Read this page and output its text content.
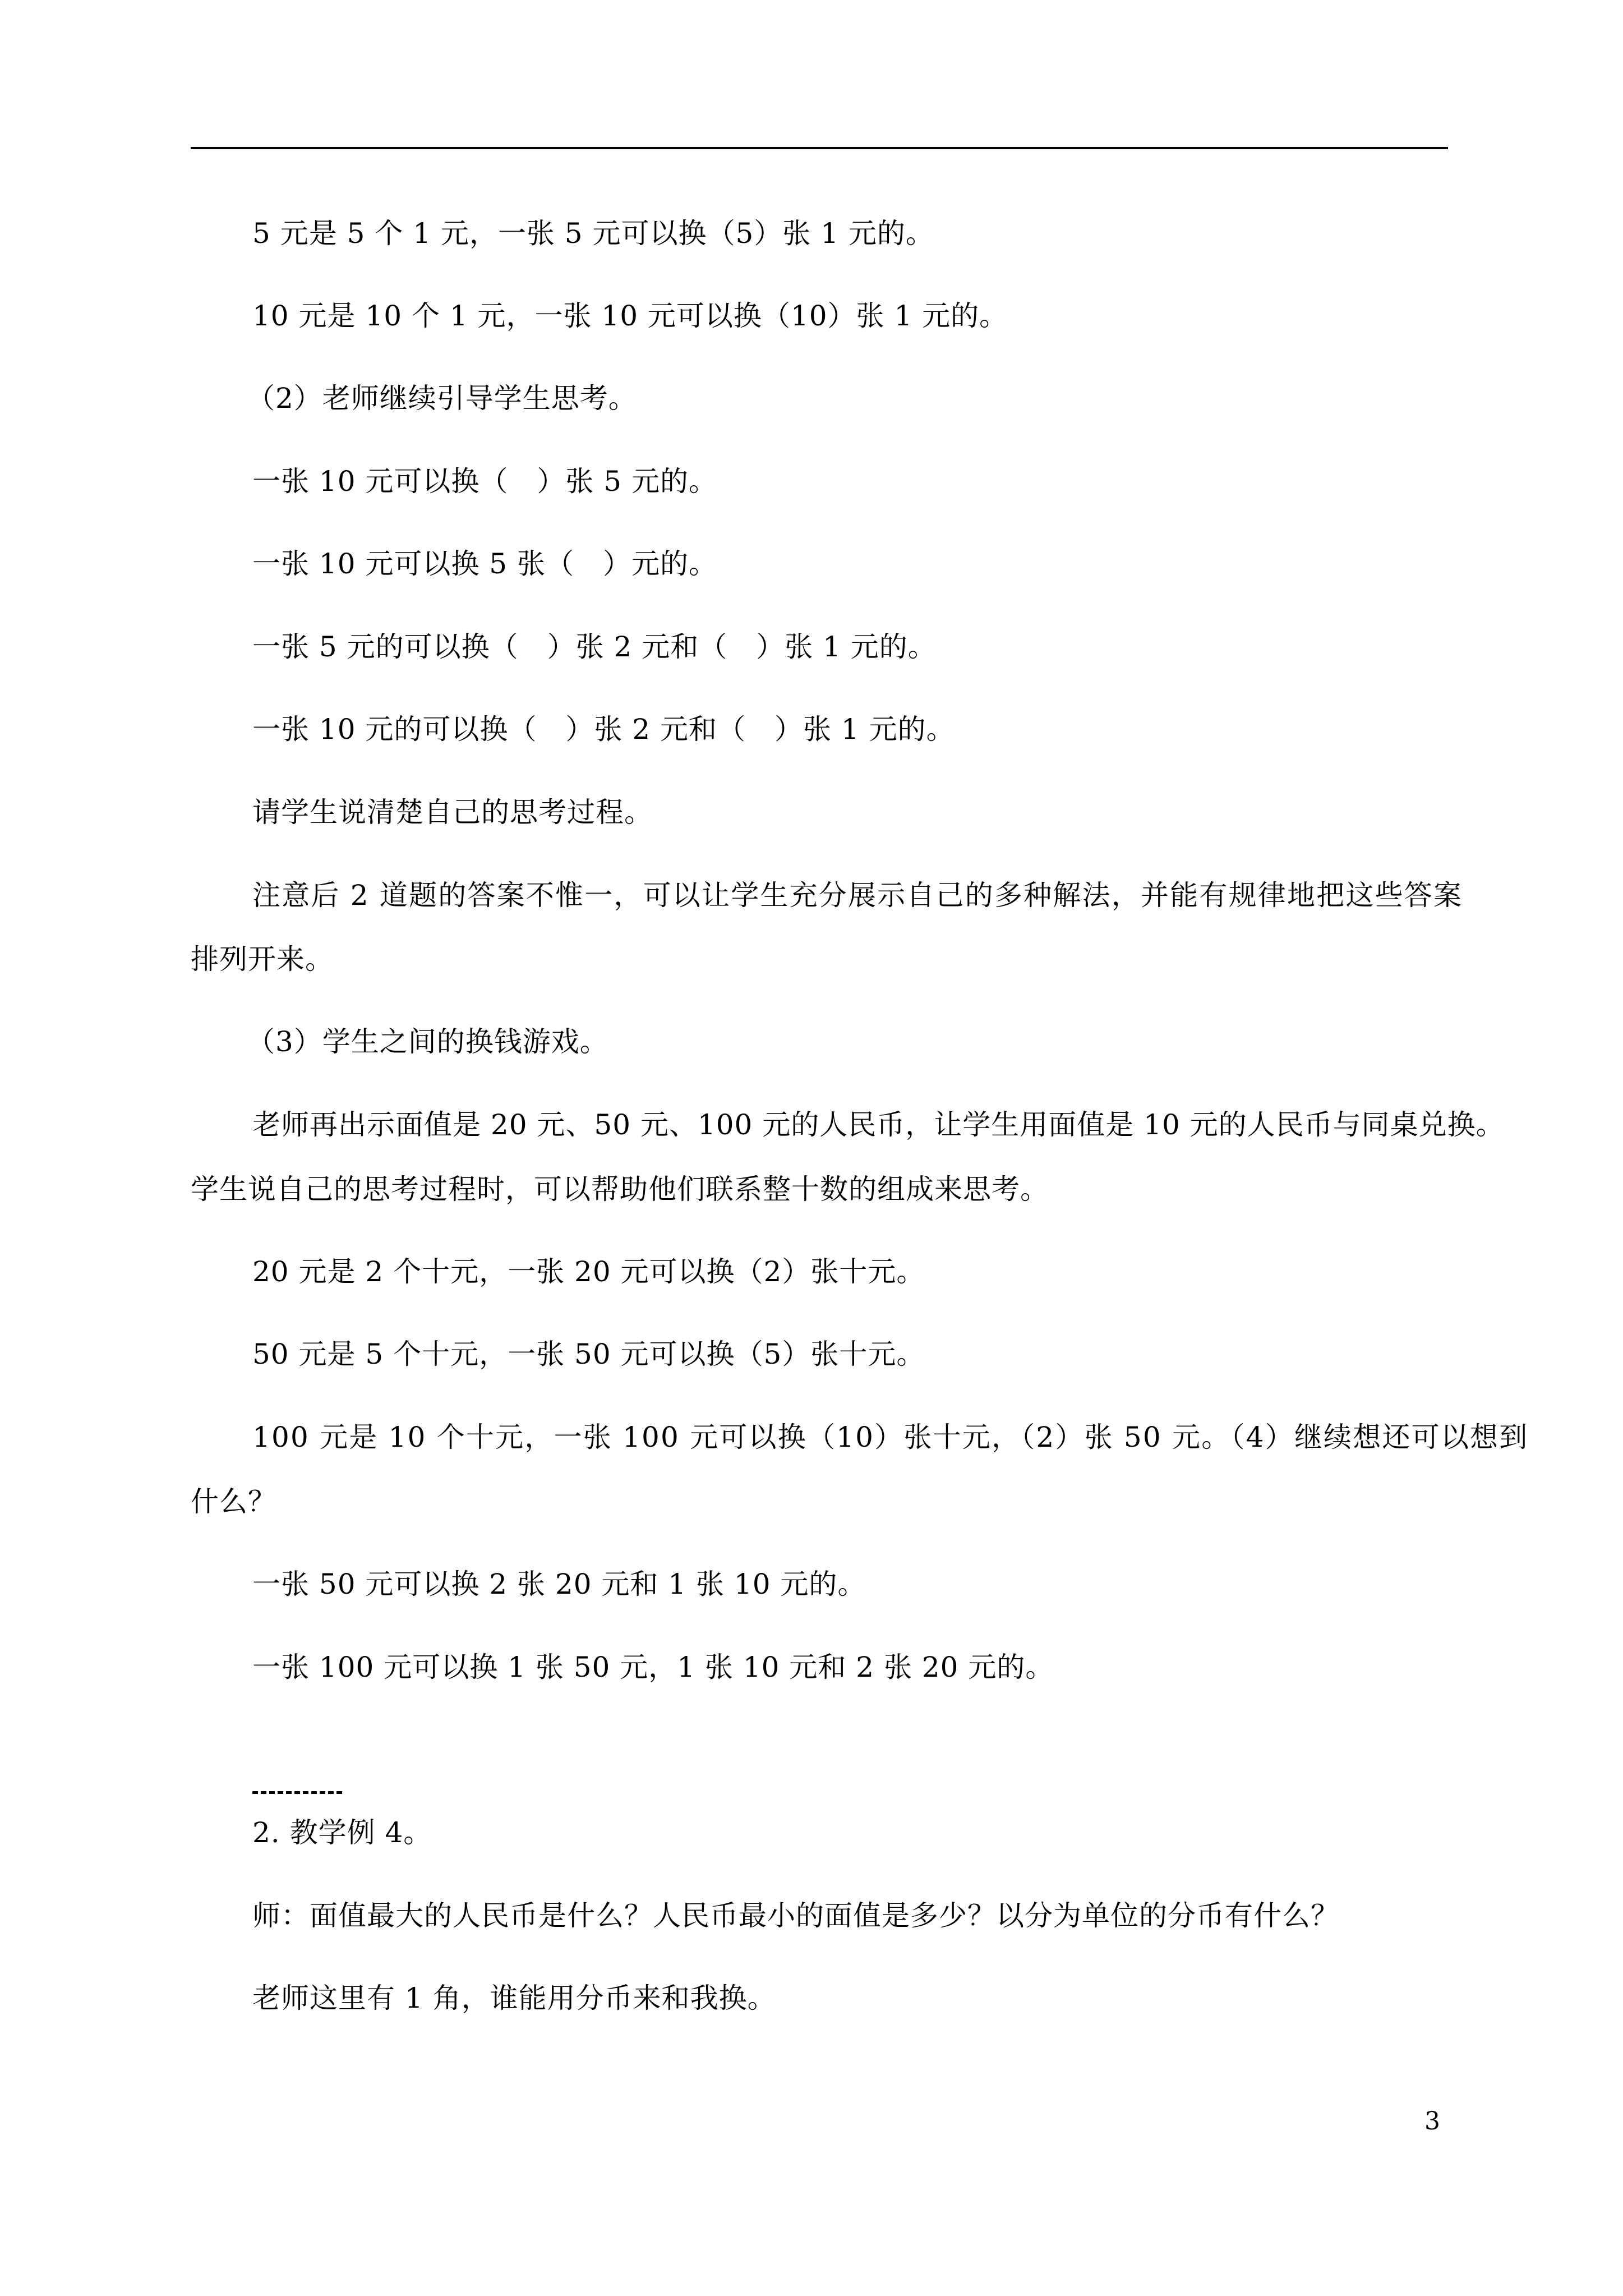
5 元是 5 个 1 元，一张 5 元可以换（5）张 1 元的。
10 元是 10 个 1 元，一张 10 元可以换（10）张 1 元的。
（2）老师继续引导学生思考。
一张 10 元可以换（　）张 5 元的。
一张 10 元可以换 5 张（　）元的。
一张 5 元的可以换（　）张 2 元和（　）张 1 元的。
一张 10 元的可以换（　）张 2 元和（　）张 1 元的。
请学生说清楚自己的思考过程。
注意后 2 道题的答案不惟一，可以让学生充分展示自己的多种解法，并能有规律地把这些答案
排列开来。
（3）学生之间的换钱游戏。
老师再出示面值是 20 元、50 元、100 元的人民币，让学生用面值是 10 元的人民币与同桌兑换。
学生说自己的思考过程时，可以帮助他们联系整十数的组成来思考。
20 元是 2 个十元，一张 20 元可以换（2）张十元。
50 元是 5 个十元，一张 50 元可以换（5）张十元。
100 元是 10 个十元，一张 100 元可以换（10）张十元，（2）张 50 元。（4）继续想还可以想到
什么？
一张 50 元可以换 2 张 20 元和 1 张 10 元的。
一张 100 元可以换 1 张 50 元，1 张 10 元和 2 张 20 元的。
2. 教学例 4。
师：面值最大的人民币是什么？人民币最小的面值是多少？以分为单位的分币有什么？
老师这里有 1 角，谁能用分币来和我换。
3
